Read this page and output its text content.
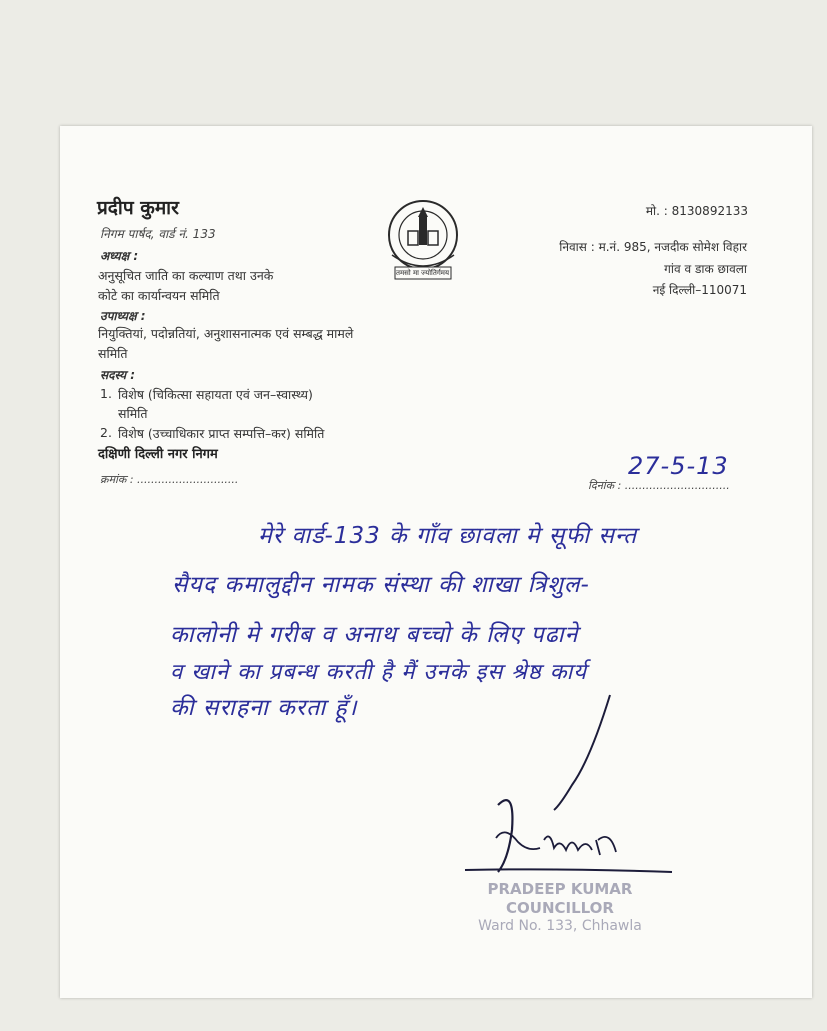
प्रदीप कुमार
निगम पार्षद, वार्ड नं. 133
अध्यक्ष :
अनुसूचित जाति का कल्याण तथा उनके
कोटे का कार्यान्वयन समिति
उपाध्यक्ष :
नियुक्तियां, पदोन्नतियां, अनुशासनात्मक एवं सम्बद्ध मामले
समिति
सदस्य :
1. विशेष (चिकित्सा सहायता एवं जन–स्वास्थ्य)
समिति
2. विशेष (उच्चाधिकार प्राप्त सम्पत्ति–कर) समिति
दक्षिणी दिल्ली नगर निगम
तमसो मा ज्योतिर्गमय
मो. : 8130892133
निवास : म.नं. 985, नजदीक सोमेश विहार
गांव व डाक छावला
नई दिल्ली–110071
क्रमांक : .............................	दिनांक : ..............................
27-5-13
मेरे वार्ड-133 के गाँव छावला मे सूफी सन्त
सैयद कमालुद्दीन नामक संस्था की शाखा त्रिशुल-
कालोनी मे गरीब व अनाथ बच्चो के लिए पढाने
व खाने का प्रबन्ध करती है मैं उनके इस श्रेष्ठ कार्य
की सराहना करता हूँ।
PRADEEP KUMAR
COUNCILLOR
Ward No. 133, Chhawla
